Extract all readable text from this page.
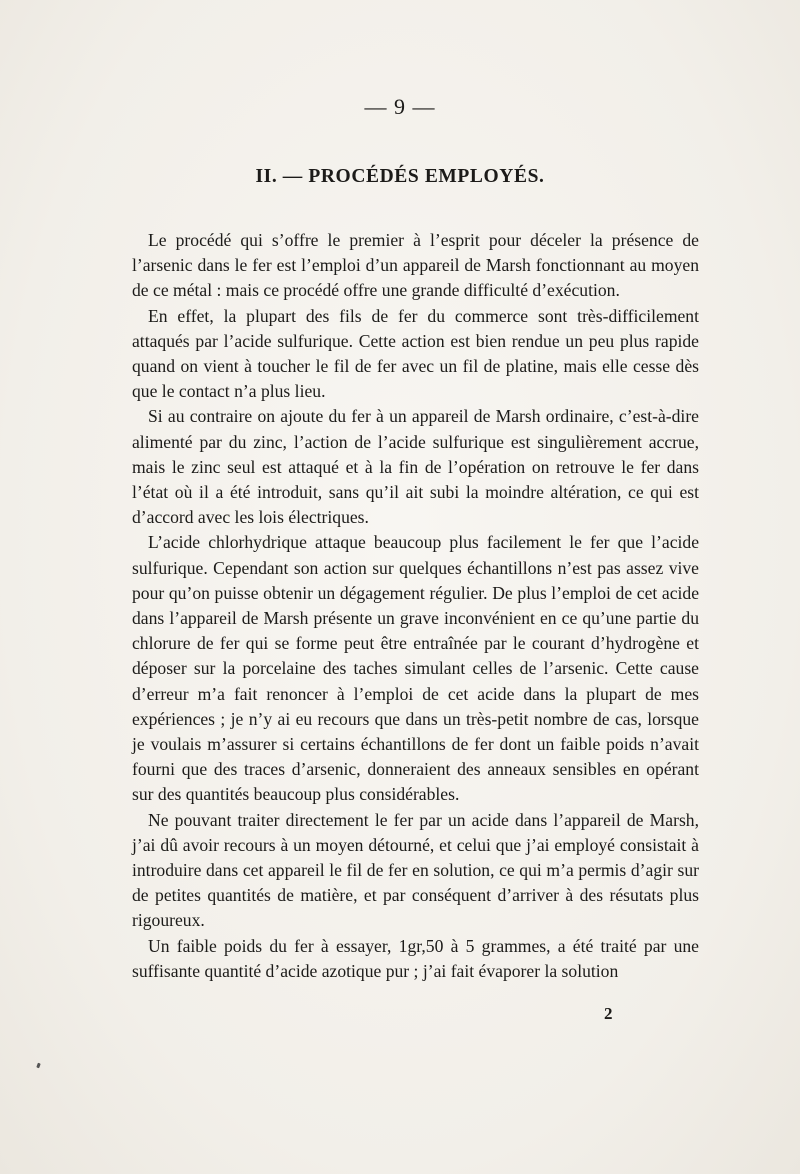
— 9 —
II. — PROCÉDÉS EMPLOYÉS.

Le procédé qui s’offre le premier à l’esprit pour déceler la présence de l’arsenic dans le fer est l’emploi d’un appareil de Marsh fonctionnant au moyen de ce métal : mais ce procédé offre une grande difficulté d’exécution.

En effet, la plupart des fils de fer du commerce sont très-difficilement attaqués par l’acide sulfurique. Cette action est bien rendue un peu plus rapide quand on vient à toucher le fil de fer avec un fil de platine, mais elle cesse dès que le contact n’a plus lieu.

Si au contraire on ajoute du fer à un appareil de Marsh ordinaire, c’est-à-dire alimenté par du zinc, l’action de l’acide sulfurique est singulièrement accrue, mais le zinc seul est attaqué et à la fin de l’opération on retrouve le fer dans l’état où il a été introduit, sans qu’il ait subi la moindre altération, ce qui est d’accord avec les lois électriques.

L’acide chlorhydrique attaque beaucoup plus facilement le fer que l’acide sulfurique. Cependant son action sur quelques échantillons n’est pas assez vive pour qu’on puisse obtenir un dégagement régulier. De plus l’emploi de cet acide dans l’appareil de Marsh présente un grave inconvénient en ce qu’une partie du chlorure de fer qui se forme peut être entraînée par le courant d’hydrogène et déposer sur la porcelaine des taches simulant celles de l’arsenic. Cette cause d’erreur m’a fait renoncer à l’emploi de cet acide dans la plupart de mes expériences ; je n’y ai eu recours que dans un très-petit nombre de cas, lorsque je voulais m’assurer si certains échantillons de fer dont un faible poids n’avait fourni que des traces d’arsenic, donneraient des anneaux sensibles en opérant sur des quantités beaucoup plus considérables.

Ne pouvant traiter directement le fer par un acide dans l’appareil de Marsh, j’ai dû avoir recours à un moyen détourné, et celui que j’ai employé consistait à introduire dans cet appareil le fil de fer en solution, ce qui m’a permis d’agir sur de petites quantités de matière, et par conséquent d’arriver à des résutats plus rigoureux.

Un faible poids du fer à essayer, 1gr,50 à 5 grammes, a été traité par une suffisante quantité d’acide azotique pur ; j’ai fait évaporer la solution

2
